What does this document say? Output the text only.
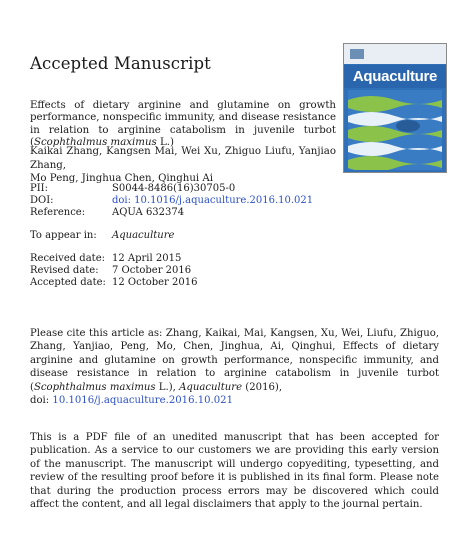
Accepted Manuscript
Aquaculture
Effects of dietary arginine and glutamine on growth performance, nonspecific immunity, and disease resistance in relation to arginine catabolism in juvenile turbot (Scophthalmus maximus L.)
Kaikai Zhang, Kangsen Mai, Wei Xu, Zhiguo Liufu, Yanjiao Zhang,
Mo Peng, Jinghua Chen, Qinghui Ai
PII:	S0044-8486(16)30705-0
DOI:	doi: 10.1016/j.aquaculture.2016.10.021
Reference:	AQUA 632374
To appear in: Aquaculture
Received date: 12 April 2015
Revised date: 7 October 2016
Accepted date: 12 October 2016
Please cite this article as: Zhang, Kaikai, Mai, Kangsen, Xu, Wei, Liufu, Zhiguo, Zhang, Yanjiao, Peng, Mo, Chen, Jinghua, Ai, Qinghui, Effects of dietary arginine and glutamine on growth performance, nonspecific immunity, and disease resistance in relation to arginine catabolism in juvenile turbot (Scophthalmus maximus L.), Aquaculture (2016),
doi: 10.1016/j.aquaculture.2016.10.021
This is a PDF file of an unedited manuscript that has been accepted for publication. As a service to our customers we are providing this early version of the manuscript. The manuscript will undergo copyediting, typesetting, and review of the resulting proof before it is published in its final form. Please note that during the production process errors may be discovered which could affect the content, and all legal disclaimers that apply to the journal pertain.
